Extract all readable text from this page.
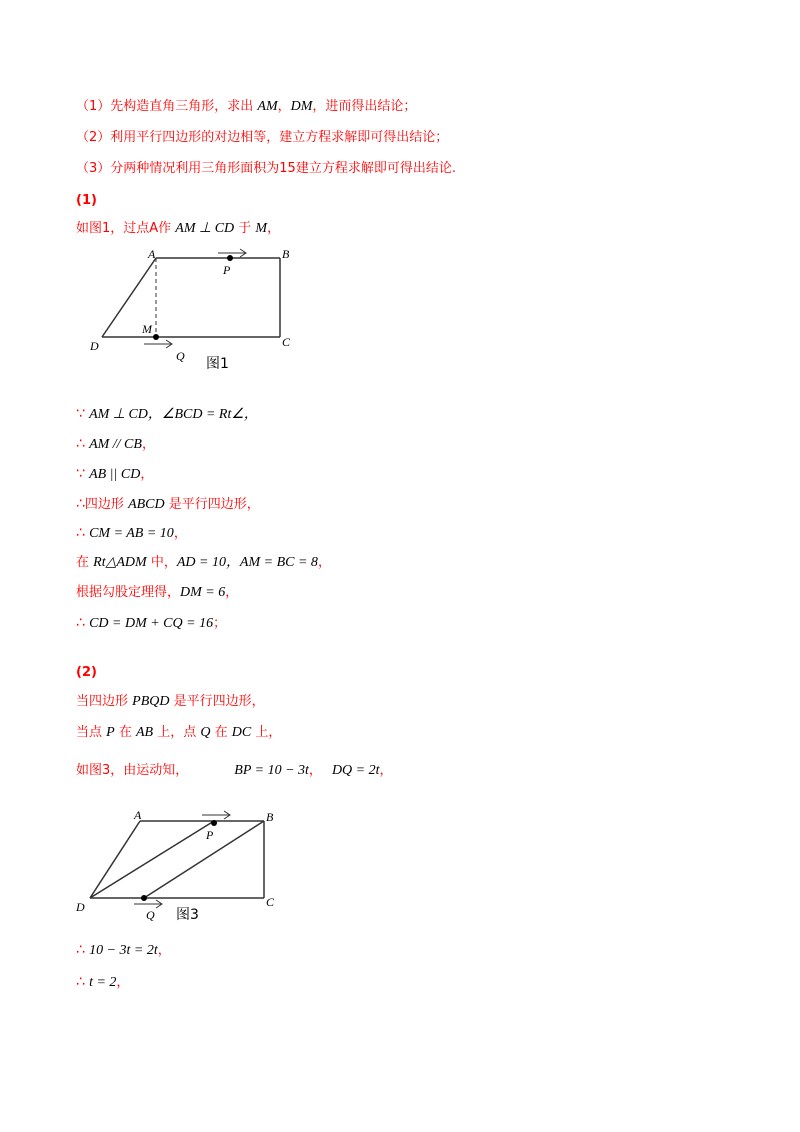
（1）先构造直角三角形，求出 AM，DM，进而得出结论；
（2）利用平行四边形的对边相等，建立方程求解即可得出结论；
（3）分两种情况利用三角形面积为15建立方程求解即可得出结论.
(1)
如图1，过点A作 AM ⊥ CD 于 M，
A	B
C
D
M
P
Q 图1
∵ AM ⊥ CD，∠BCD = Rt∠，
∴ AM // CB，
∵ AB || CD，
∴四边形 ABCD 是平行四边形，
∴ CM = AB = 10，
在 Rt△ADM 中，AD = 10，AM = BC = 8，
根据勾股定理得，DM = 6，
∴ CD = DM + CQ = 16；
(2)
当四边形 PBQD 是平行四边形，
当点 P 在 AB 上，点 Q 在 DC 上，
如图3，由运动知，	BP = 10 − 3t， DQ = 2t，
A	B
C
D
P
Q 图3
∴ 10 − 3t = 2t，
∴ t = 2，
